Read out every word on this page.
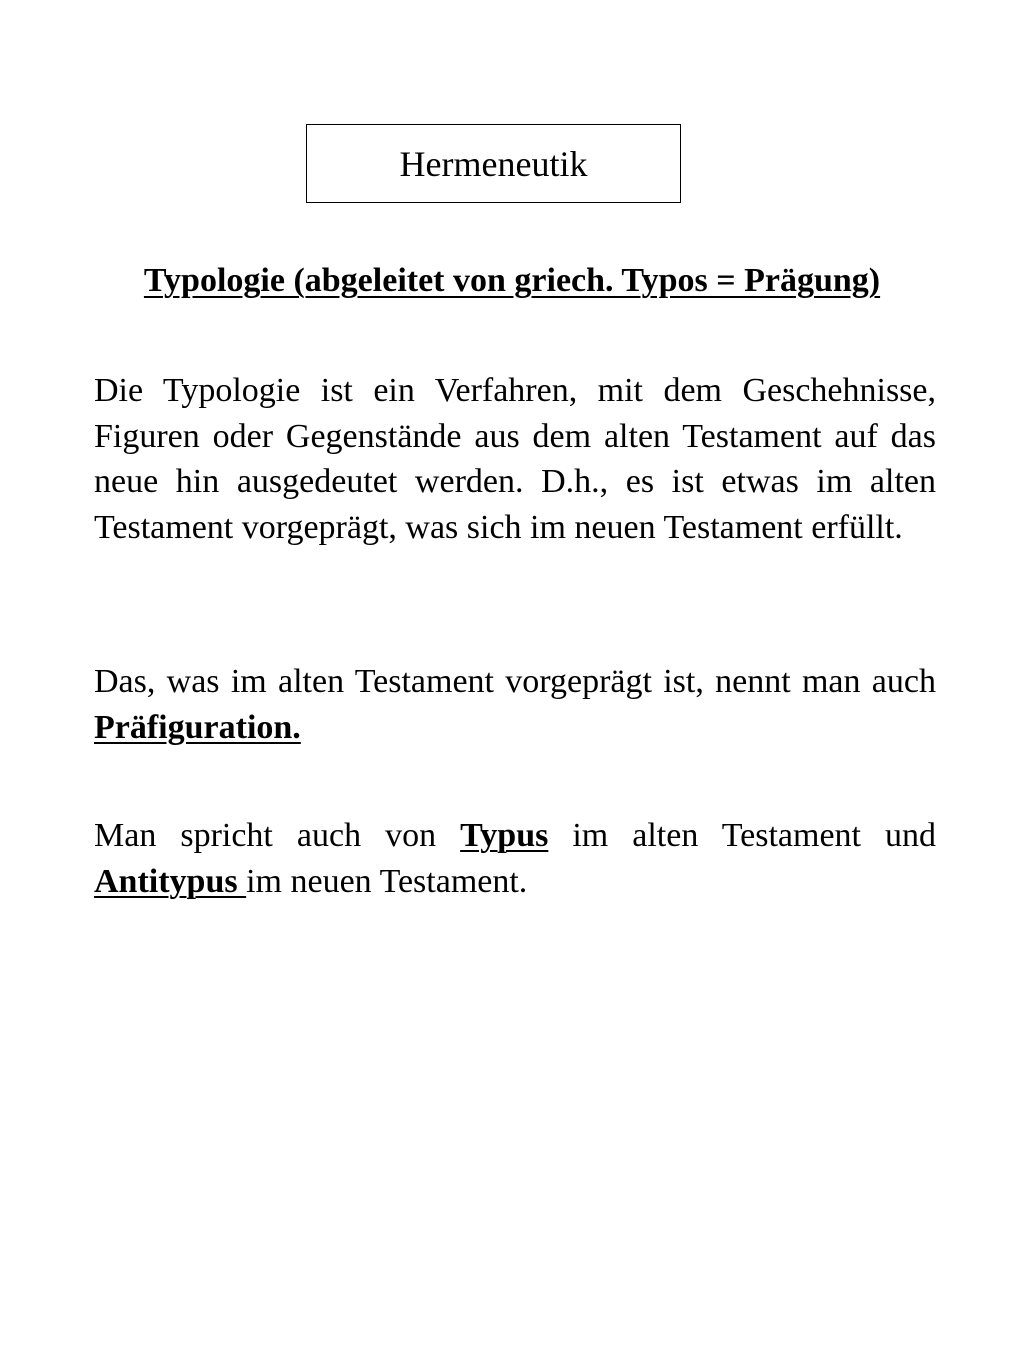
Hermeneutik
Typologie (abgeleitet von griech. Typos = Prägung)

Die Typologie ist ein Verfahren, mit dem Geschehnisse, Figuren oder Gegenstände aus dem alten Testament auf das neue hin ausgedeutet werden. D.h., es ist etwas im alten Testament vorgeprägt, was sich im neuen Testament erfüllt.

Das, was im alten Testament vorgeprägt ist, nennt man auch Präfiguration.

Man spricht auch von Typus im alten Testament und Antitypus im neuen Testament.
